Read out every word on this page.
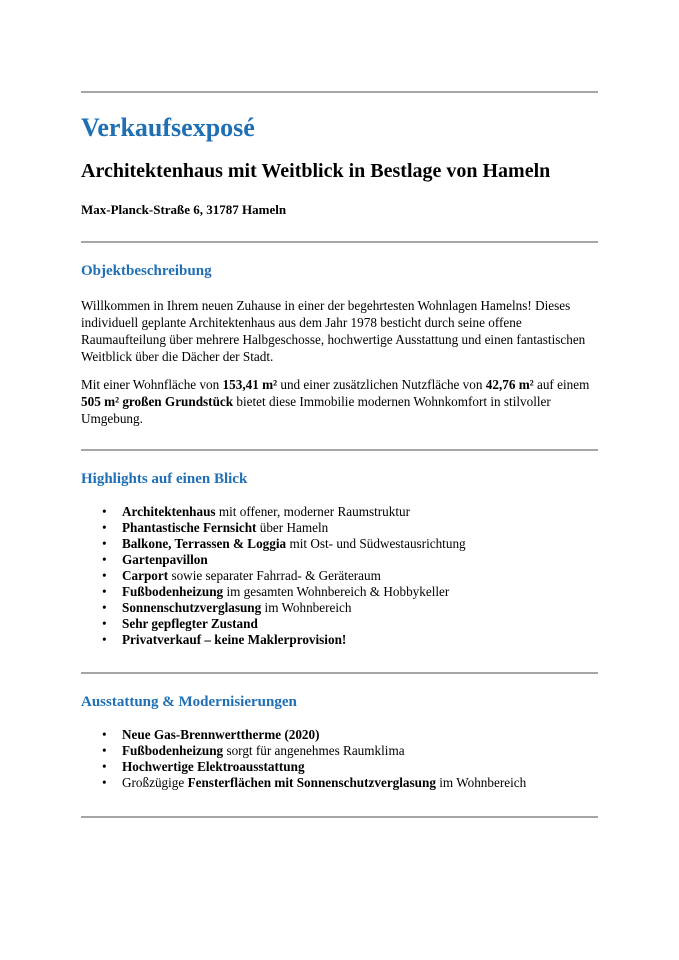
Verkaufsexposé
Architektenhaus mit Weitblick in Bestlage von Hameln

Max-Planck-Straße 6, 31787 Hameln

Objektbeschreibung

Willkommen in Ihrem neuen Zuhause in einer der begehrtesten Wohnlagen Hamelns! Dieses individuell geplante Architektenhaus aus dem Jahr 1978 besticht durch seine offene Raumaufteilung über mehrere Halbgeschosse, hochwertige Ausstattung und einen fantastischen Weitblick über die Dächer der Stadt.

Mit einer Wohnfläche von 153,41 m² und einer zusätzlichen Nutzfläche von 42,76 m² auf einem 505 m² großen Grundstück bietet diese Immobilie modernen Wohnkomfort in stilvoller Umgebung.

Highlights auf einen Blick
• Architektenhaus mit offener, moderner Raumstruktur
• Phantastische Fernsicht über Hameln
• Balkone, Terrassen & Loggia mit Ost- und Südwestausrichtung
• Gartenpavillon
• Carport sowie separater Fahrrad- & Geräteraum
• Fußbodenheizung im gesamten Wohnbereich & Hobbykeller
• Sonnenschutzverglasung im Wohnbereich
• Sehr gepflegter Zustand
• Privatverkauf – keine Maklerprovision!
Ausstattung & Modernisierungen
• Neue Gas-Brennwerttherme (2020)
• Fußbodenheizung sorgt für angenehmes Raumklima
• Hochwertige Elektroausstattung
• Großzügige Fensterflächen mit Sonnenschutzverglasung im Wohnbereich
